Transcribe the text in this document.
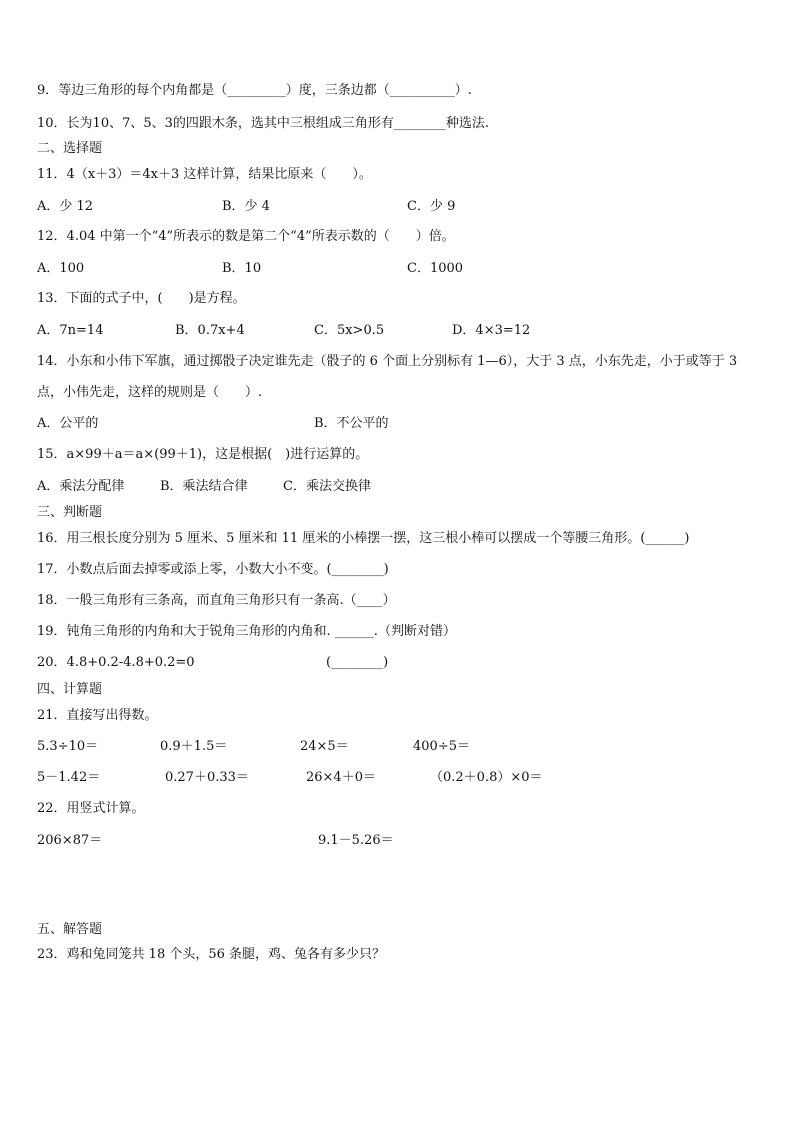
9．等边三角形的每个内角都是（_________）度，三条边都（__________）.
10．长为10、7、5、3的四跟木条，选其中三根组成三角形有________种选法.
二、选择题
11．4（x＋3）＝4x＋3 这样计算，结果比原来（　　）。
A．少 12	B．少 4	C．少 9
12．4.04 中第一个“4”所表示的数是第二个“4”所表示数的（　　）倍。
A．100	B．10	C．1000
13．下面的式子中，(　　)是方程。
A．7n=14	B．0.7x+4	C．5x>0.5	D．4×3=12
14．小东和小伟下军旗，通过掷骰子决定谁先走（骰子的 6 个面上分别标有 1—6），大于 3 点，小东先走，小于或等于 3 点，小伟先走，这样的规则是（　　）.
A．公平的	B．不公平的
15．a×99＋a＝a×(99＋1)，这是根据(　)进行运算的。
A．乘法分配律	B．乘法结合律	C．乘法交换律
三、判断题
16．用三根长度分别为 5 厘米、5 厘米和 11 厘米的小棒摆一摆，这三根小棒可以摆成一个等腰三角形。(______)
17．小数点后面去掉零或添上零，小数大小不变。(________)
18．一般三角形有三条高，而直角三角形只有一条高.（____）
19．钝角三角形的内角和大于锐角三角形的内角和. ______.（判断对错）
20．4.8+0.2-4.8+0.2=0	(________)
四、计算题
21．直接写出得数。
5.3÷10＝	0.9＋1.5＝	24×5＝	400÷5＝
5－1.42＝	0.27＋0.33＝	26×4＋0＝	（0.2＋0.8）×0＝
22．用竖式计算。
206×87＝	9.1－5.26＝
五、解答题
23．鸡和兔同笼共 18 个头，56 条腿，鸡、兔各有多少只？
